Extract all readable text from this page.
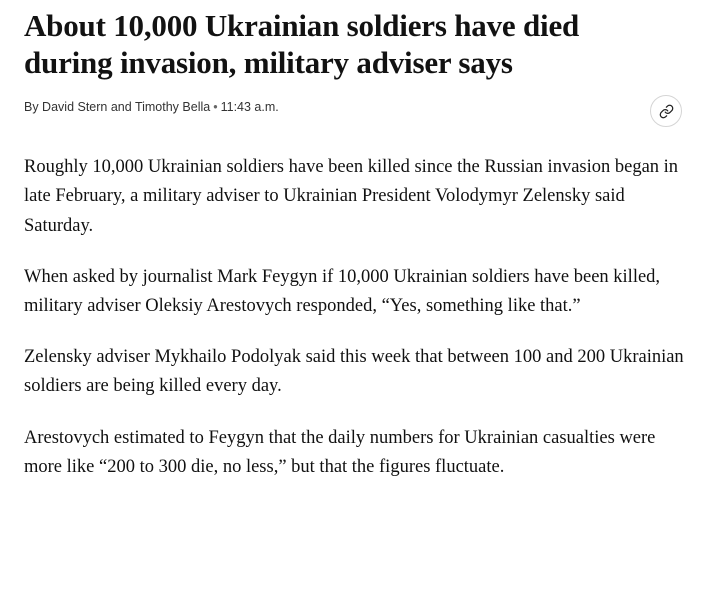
About 10,000 Ukrainian soldiers have died during invasion, military adviser says
By David Stern and Timothy Bella • 11:43 a.m.

Roughly 10,000 Ukrainian soldiers have been killed since the Russian invasion began in late February, a military adviser to Ukrainian President Volodymyr Zelensky said Saturday.

When asked by journalist Mark Feygyn if 10,000 Ukrainian soldiers have been killed, military adviser Oleksiy Arestovych responded, “Yes, something like that.”

Zelensky adviser Mykhailo Podolyak said this week that between 100 and 200 Ukrainian soldiers are being killed every day.

Arestovych estimated to Feygyn that the daily numbers for Ukrainian casualties were more like “200 to 300 die, no less,” but that the figures fluctuate.
